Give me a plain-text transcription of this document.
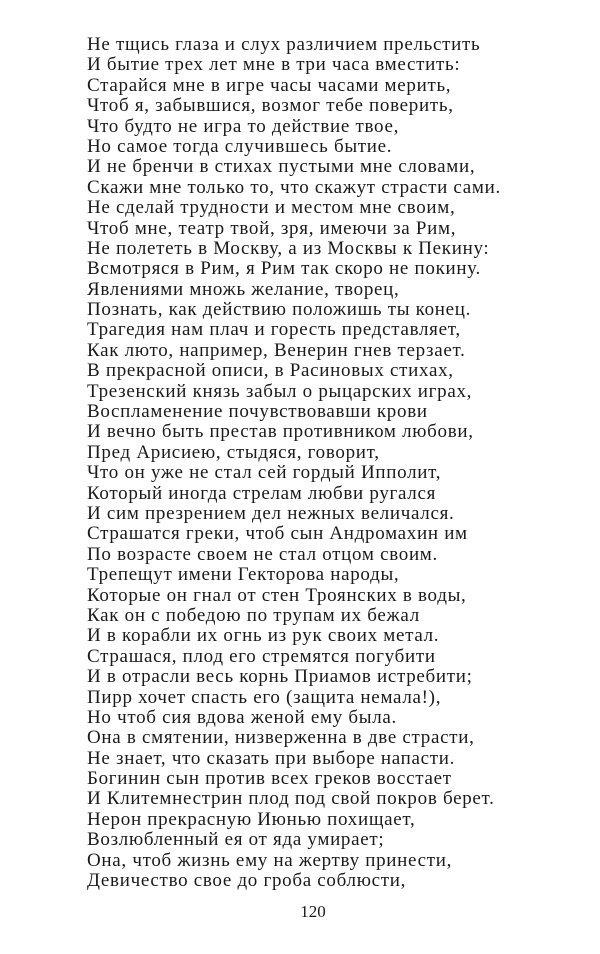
Не тщись глаза и слух различием прельстить
И бытие трех лет мне в три часа вместить:
Старайся мне в игре часы часами мерить,
Чтоб я, забывшися, возмог тебе поверить,
Что будто не игра то действие твое,
Но самое тогда случившесь бытие.
И не бренчи в стихах пустыми мне словами,
Скажи мне только то, что скажут страсти сами.
Не сделай трудности и местом мне своим,
Чтоб мне, театр твой, зря, имеючи за Рим,
Не полететь в Москву, а из Москвы к Пекину:
Всмотряся в Рим, я Рим так скоро не покину.
Явлениями множь желание, творец,
Познать, как действию положишь ты конец.
Трагедия нам плач и горесть представляет,
Как люто, например, Венерин гнев терзает.
В прекрасной описи, в Расиновых стихах,
Трезенский князь забыл о рыцарских играх,
Воспламенение почувствовавши крови
И вечно быть престав противником любови,
Пред Арисиею, стыдяся, говорит,
Что он уже не стал сей гордый Ипполит,
Который иногда стрелам любви ругался
И сим презрением дел нежных величался.
Страшатся греки, чтоб сын Андромахин им
По возрасте своем не стал отцом своим.
Трепещут имени Гекторова народы,
Которые он гнал от стен Троянских в воды,
Как он с победою по трупам их бежал
И в корабли их огнь из рук своих метал.
Страшася, плод его стремятся погубити
И в отрасли весь корнь Приамов истребити;
Пирр хочет спасть его (защита немала!),
Но чтоб сия вдова женой ему была.
Она в смятении, низверженна в две страсти,
Не знает, что сказать при выборе напасти.
Богинин сын против всех греков восстает
И Клитемнестрин плод под свой покров берет.
Нерон прекрасную Июнью похищает,
Возлюбленный ея от яда умирает;
Она, чтоб жизнь ему на жертву принести,
Девичество свое до гроба соблюсти,
120
